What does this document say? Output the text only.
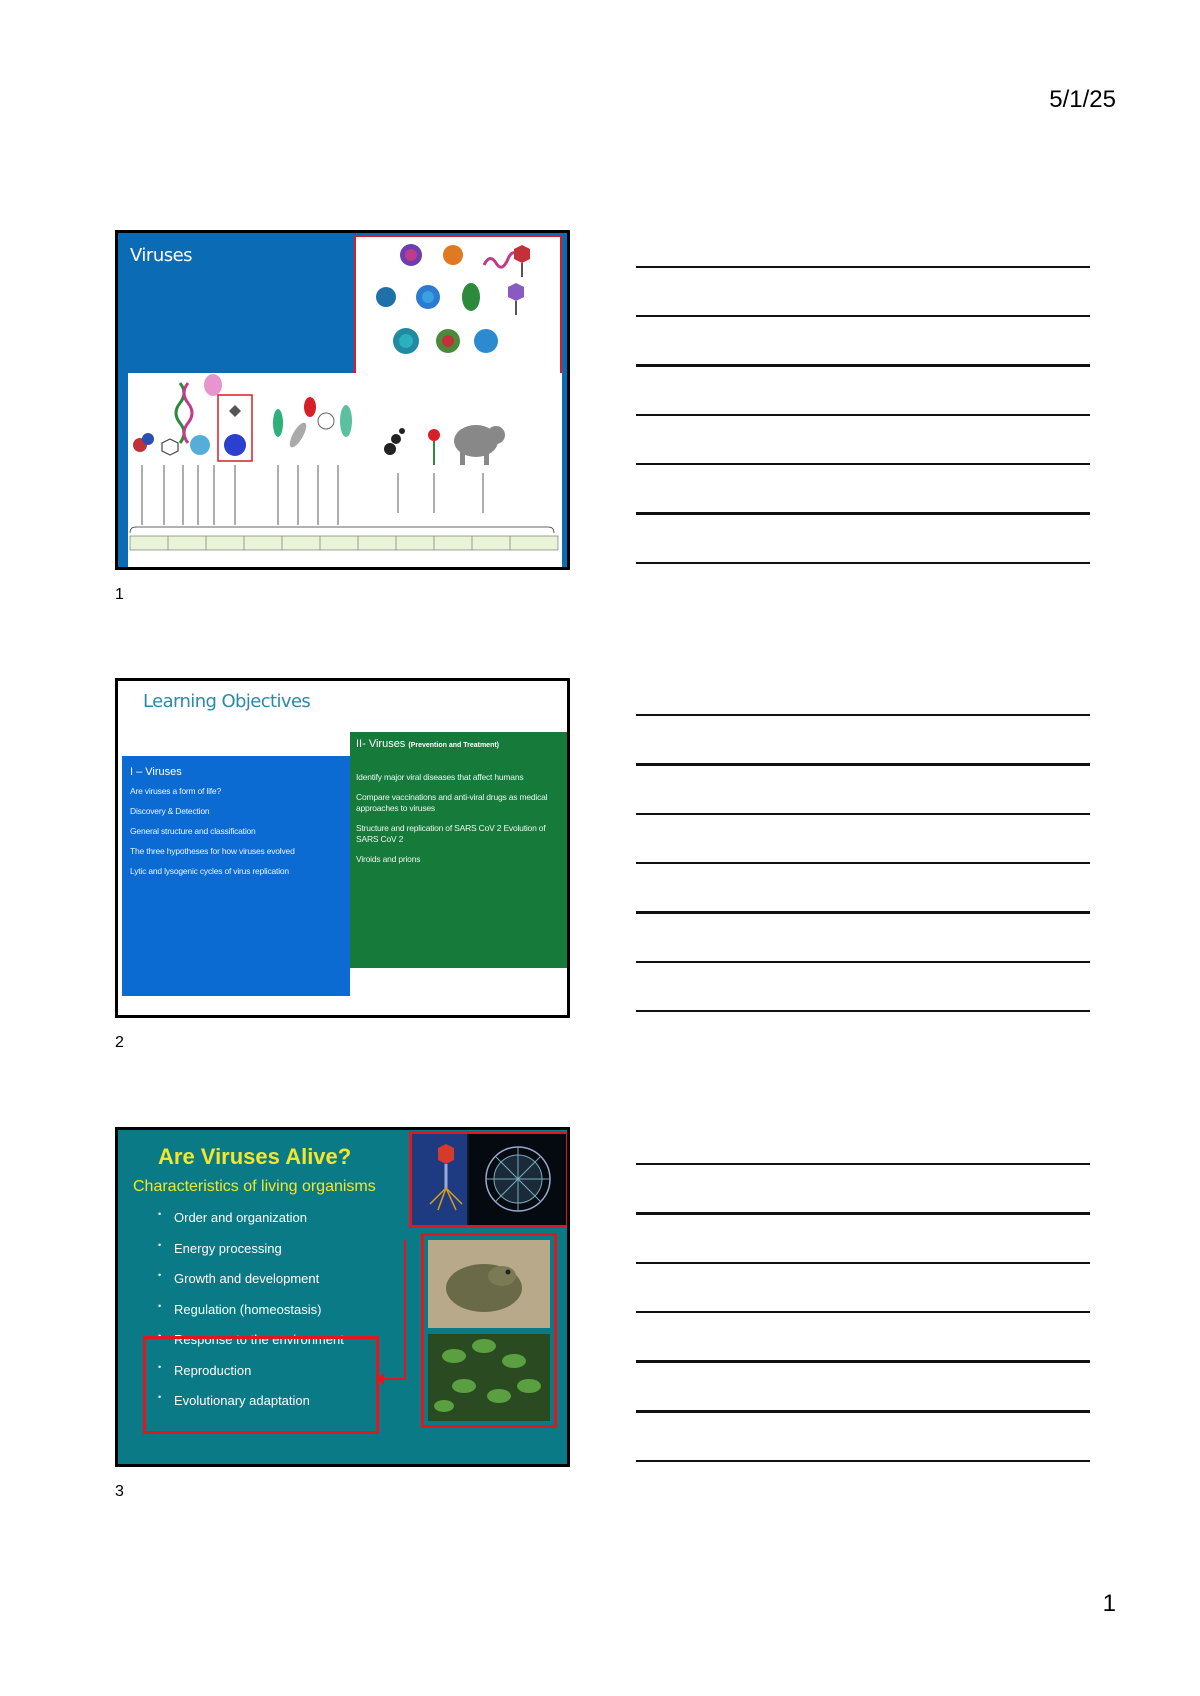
5/1/25
Viruses
1
Learning Objectives
I – Viruses
Are viruses a form of life?
Discovery & Detection
General structure and classification
The three hypotheses for how viruses evolved
Lytic and lysogenic cycles of virus replication
II- Viruses (Prevention and Treatment)
Identify major viral diseases that affect humans
Compare vaccinations and anti-viral drugs as medical approaches to viruses
Structure and replication of SARS CoV 2 Evolution of SARS CoV 2
Viroids and prions
2
Are Viruses Alive?
Characteristics of living organisms
• Order and organization
• Energy processing
• Growth and development
• Regulation (homeostasis)
• Response to the environment
• Reproduction
• Evolutionary adaptation
3
1
